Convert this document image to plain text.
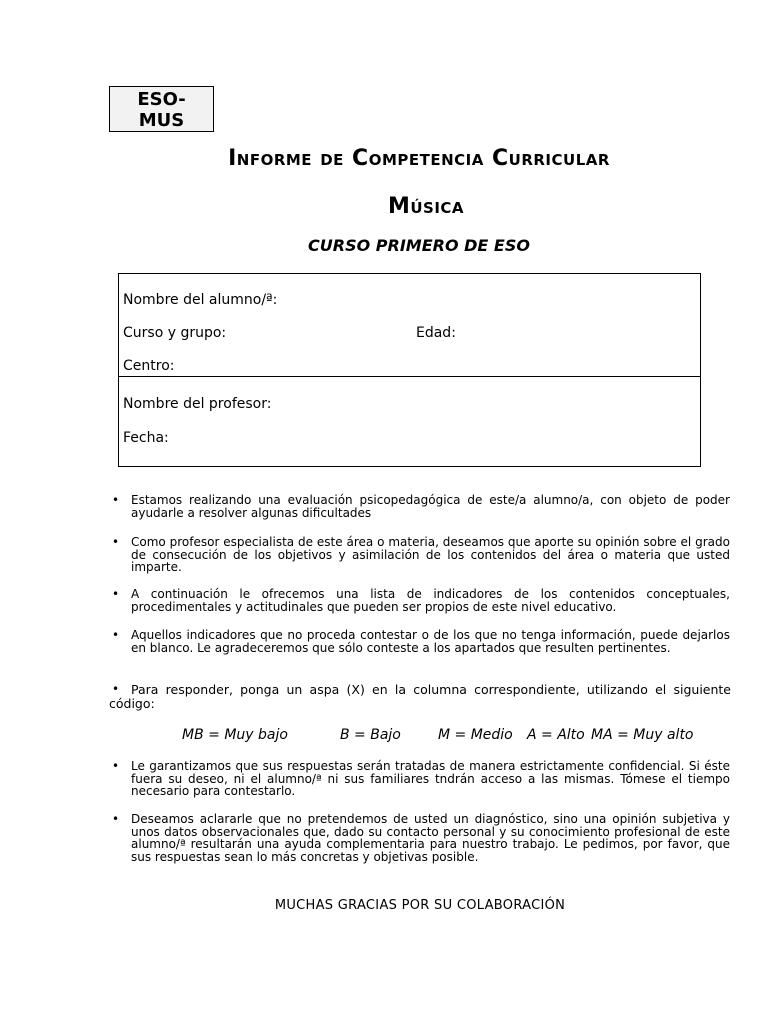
ESO-
MUS
Informe de Competencia Curricular
Música
CURSO PRIMERO DE ESO
Nombre del alumno/ª:
Curso y grupo:	Edad:
Centro:
Nombre del profesor:
Fecha:
• Estamos realizando una evaluación psicopedagógica de este/a alumno/a, con objeto de poder ayudarle a resolver algunas dificultades
• Como profesor especialista de este área o materia, deseamos que aporte su opinión sobre el grado de consecución de los objetivos y asimilación de los contenidos del área o materia que usted imparte.
• A continuación le ofrecemos una lista de indicadores de los contenidos conceptuales, procedimentales y actitudinales que pueden ser propios de este nivel educativo.
• Aquellos indicadores que no proceda contestar o de los que no tenga información, puede dejarlos en blanco. Le agradeceremos que sólo conteste a los apartados que resulten pertinentes.
• Para responder, ponga un aspa (X) en la columna correspondiente, utilizando el siguiente código:
• Le garantizamos que sus respuestas serán tratadas de manera estrictamente confidencial. Si éste fuera su deseo, ni el alumno/ª ni sus familiares tndrán acceso a las mismas. Tómese el tiempo necesario para contestarlo.
• Deseamos aclararle que no pretendemos de usted un diagnóstico, sino una opinión subjetiva y unos datos observacionales que, dado su contacto personal y su conocimiento profesional de este alumno/ª resultarán una ayuda complementaria para nuestro trabajo. Le pedimos, por favor, que sus respuestas sean lo más concretas y objetivas posible.
MB = Muy bajo	B = Bajo	M = Medio A = Alto MA = Muy alto
MUCHAS GRACIAS POR SU COLABORACIÓN
